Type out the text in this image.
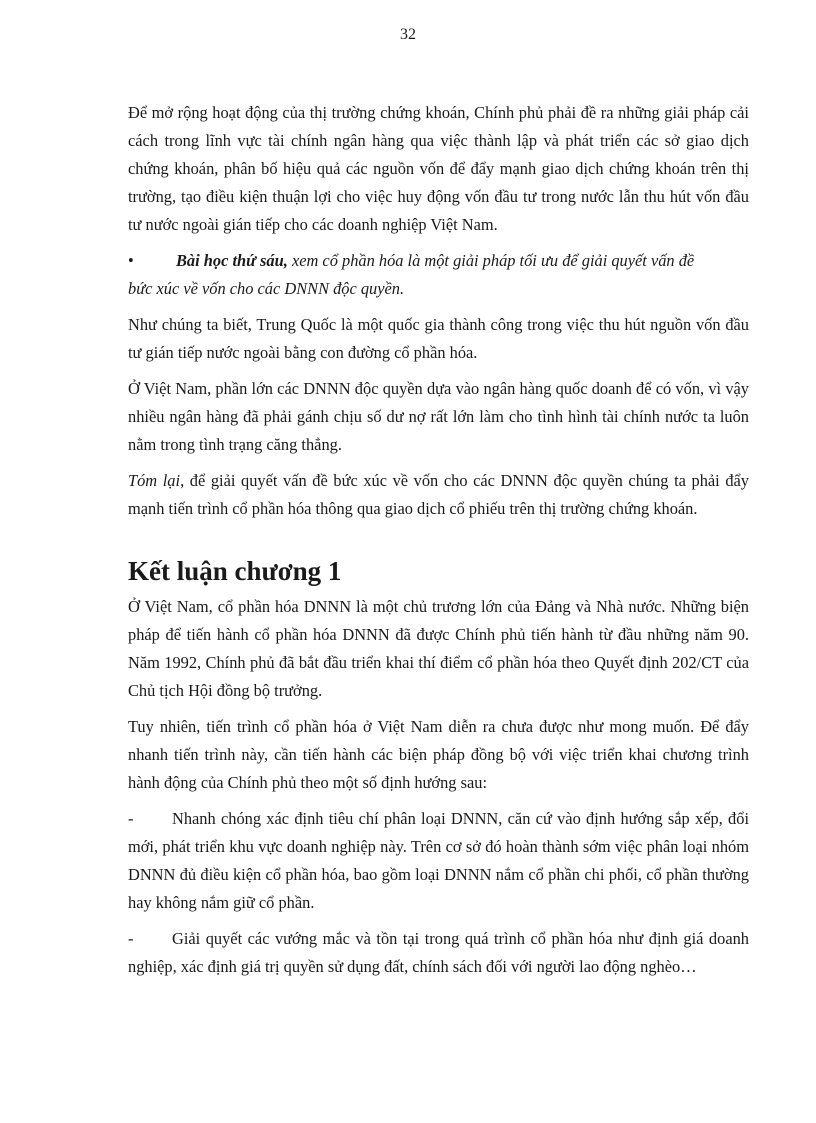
32

Để mở rộng hoạt động của thị trường chứng khoán, Chính phủ phải đề ra những giải pháp cải cách trong lĩnh vực tài chính ngân hàng qua việc thành lập và phát triển các sở giao dịch chứng khoán, phân bố hiệu quả các nguồn vốn để đẩy mạnh giao dịch chứng khoán trên thị trường, tạo điều kiện thuận lợi cho việc huy động vốn đầu tư trong nước lẫn thu hút vốn đầu tư nước ngoài gián tiếp cho các doanh nghiệp Việt Nam.

•	Bài học thứ sáu, xem cổ phần hóa là một giải pháp tối ưu để giải quyết vấn đề
bức xúc về vốn cho các DNNN độc quyền.

Như chúng ta biết, Trung Quốc là một quốc gia thành công trong việc thu hút nguồn vốn đầu tư gián tiếp nước ngoài bằng con đường cổ phần hóa.

Ở Việt Nam, phần lớn các DNNN độc quyền dựa vào ngân hàng quốc doanh để có vốn, vì vậy nhiều ngân hàng đã phải gánh chịu số dư nợ rất lớn làm cho tình hình tài chính nước ta luôn nằm trong tình trạng căng thẳng.

Tóm lại, để giải quyết vấn đề bức xúc về vốn cho các DNNN độc quyền chúng ta phải đẩy mạnh tiến trình cổ phần hóa thông qua giao dịch cổ phiếu trên thị trường chứng khoán.

Kết luận chương 1

Ở Việt Nam, cổ phần hóa DNNN là một chủ trương lớn của Đảng và Nhà nước. Những biện pháp để tiến hành cổ phần hóa DNNN đã được Chính phủ tiến hành từ đầu những năm 90. Năm 1992, Chính phủ đã bắt đầu triển khai thí điểm cổ phần hóa theo Quyết định 202/CT của Chủ tịch Hội đồng bộ trưởng.

Tuy nhiên, tiến trình cổ phần hóa ở Việt Nam diễn ra chưa được như mong muốn. Để đẩy nhanh tiến trình này, cần tiến hành các biện pháp đồng bộ với việc triển khai chương trình hành động của Chính phủ theo một số định hướng sau:

- Nhanh chóng xác định tiêu chí phân loại DNNN, căn cứ vào định hướng sắp xếp, đổi mới, phát triển khu vực doanh nghiệp này. Trên cơ sở đó hoàn thành sớm việc phân loại nhóm DNNN đủ điều kiện cổ phần hóa, bao gồm loại DNNN nắm cổ phần chi phối, cổ phần thường hay không nắm giữ cổ phần.

- Giải quyết các vướng mắc và tồn tại trong quá trình cổ phần hóa như định giá doanh nghiệp, xác định giá trị quyền sử dụng đất, chính sách đối với người lao động nghèo…
